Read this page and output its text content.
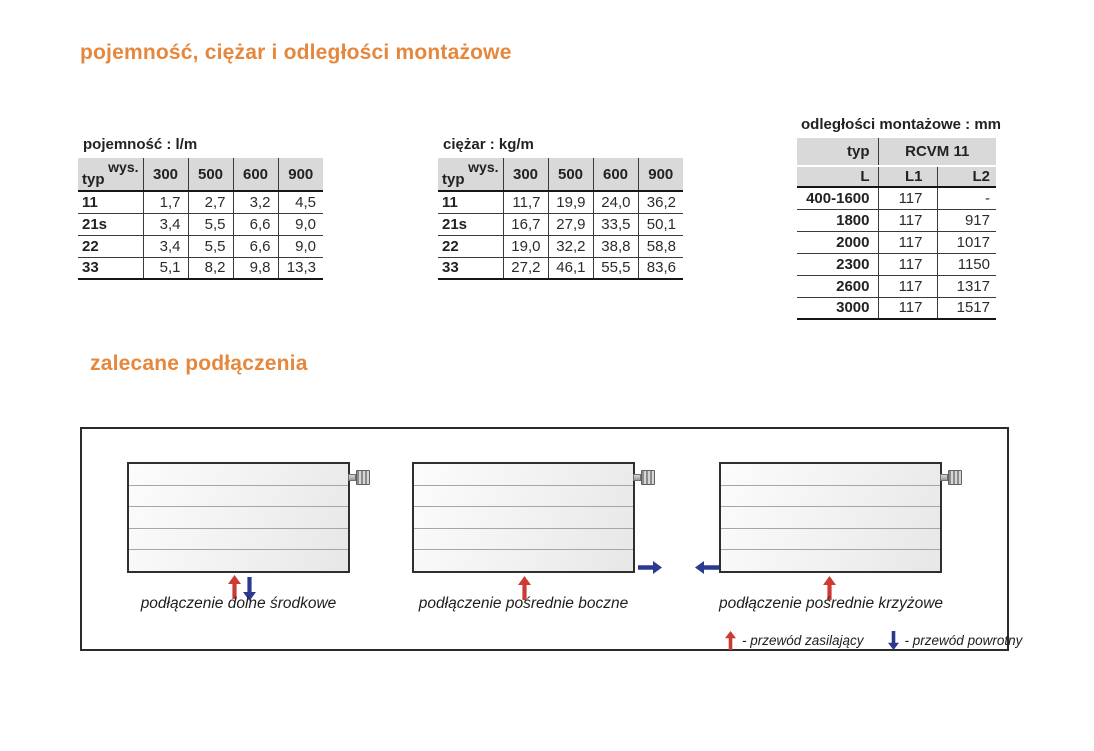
pojemność, ciężar i odległości montażowe
pojemność : l/m
wys.
typ	300	500	600	900
11	1,7	2,7	3,2	4,5
21s	3,4	5,5	6,6	9,0
22	3,4	5,5	6,6	9,0
33	5,1	8,2	9,8	13,3
ciężar : kg/m
wys.
typ	300	500	600	900
11	11,7	19,9	24,0	36,2
21s	16,7	27,9	33,5	50,1
22	19,0	32,2	38,8	58,8
33	27,2	46,1	55,5	83,6
odległości montażowe : mm
typ	RCVM 11	
L	L1	L2
400-1600	117	-
1800	117	917
2000	117	1017
2300	117	1150
2600	117	1317
3000	117	1517
zalecane podłączenia
podłączenie dolne środkowe	podłączenie pośrednie boczne	podłączenie pośrednie krzyżowe
- przewód zasilający	- przewód powrotny
